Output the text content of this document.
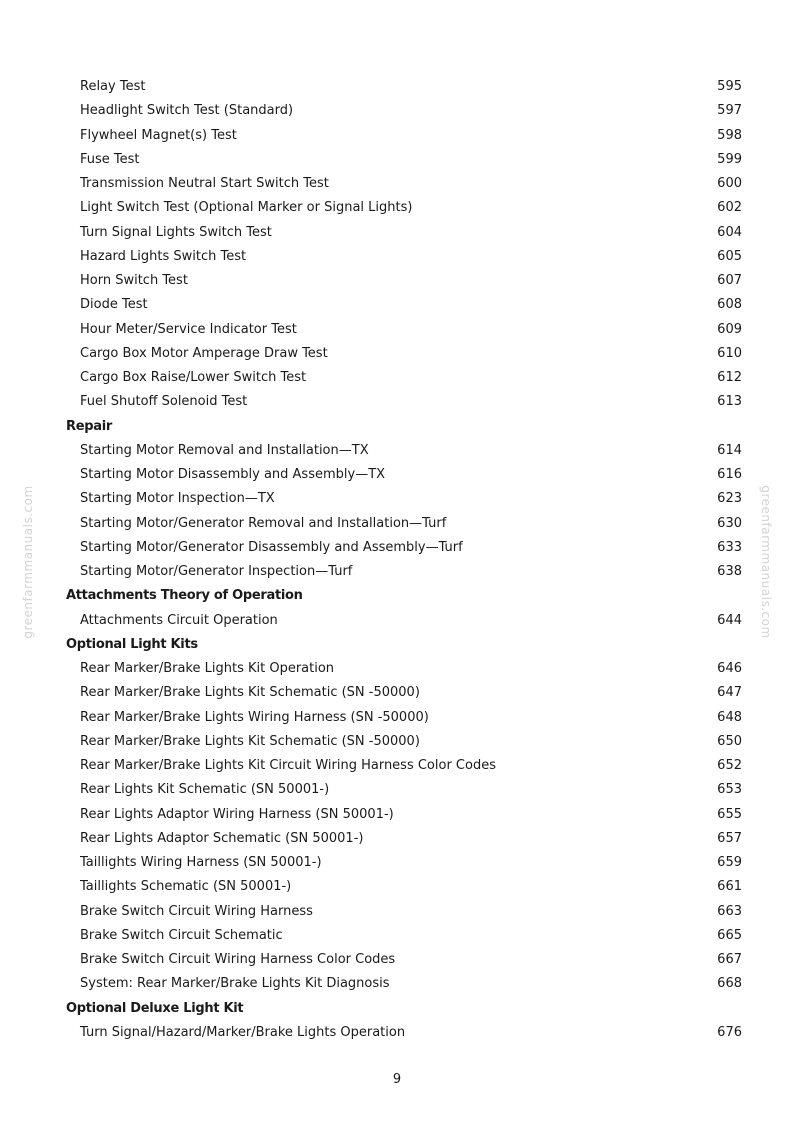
Relay Test	595
Headlight Switch Test (Standard)	597
Flywheel Magnet(s) Test	598
Fuse Test	599
Transmission Neutral Start Switch Test	600
Light Switch Test (Optional Marker or Signal Lights)	602
Turn Signal Lights Switch Test	604
Hazard Lights Switch Test	605
Horn Switch Test	607
Diode Test	608
Hour Meter/Service Indicator Test	609
Cargo Box Motor Amperage Draw Test	610
Cargo Box Raise/Lower Switch Test	612
Fuel Shutoff Solenoid Test	613
Repair
Starting Motor Removal and Installation—TX	614
Starting Motor Disassembly and Assembly—TX	616
Starting Motor Inspection—TX	623
Starting Motor/Generator Removal and Installation—Turf	630
Starting Motor/Generator Disassembly and Assembly—Turf	633
Starting Motor/Generator Inspection—Turf	638
Attachments Theory of Operation
Attachments Circuit Operation	644
Optional Light Kits
Rear Marker/Brake Lights Kit Operation	646
Rear Marker/Brake Lights Kit Schematic (SN -50000)	647
Rear Marker/Brake Lights Wiring Harness (SN -50000)	648
Rear Marker/Brake Lights Kit Schematic (SN -50000)	650
Rear Marker/Brake Lights Kit Circuit Wiring Harness Color Codes	652
Rear Lights Kit Schematic (SN 50001-)	653
Rear Lights Adaptor Wiring Harness (SN 50001-)	655
Rear Lights Adaptor Schematic (SN 50001-)	657
Taillights Wiring Harness (SN 50001-)	659
Taillights Schematic (SN 50001-)	661
Brake Switch Circuit Wiring Harness	663
Brake Switch Circuit Schematic	665
Brake Switch Circuit Wiring Harness Color Codes	667
System: Rear Marker/Brake Lights Kit Diagnosis	668
Optional Deluxe Light Kit
Turn Signal/Hazard/Marker/Brake Lights Operation	676
greenfarmmanuals.com	greenfarmmanuals.com
9
